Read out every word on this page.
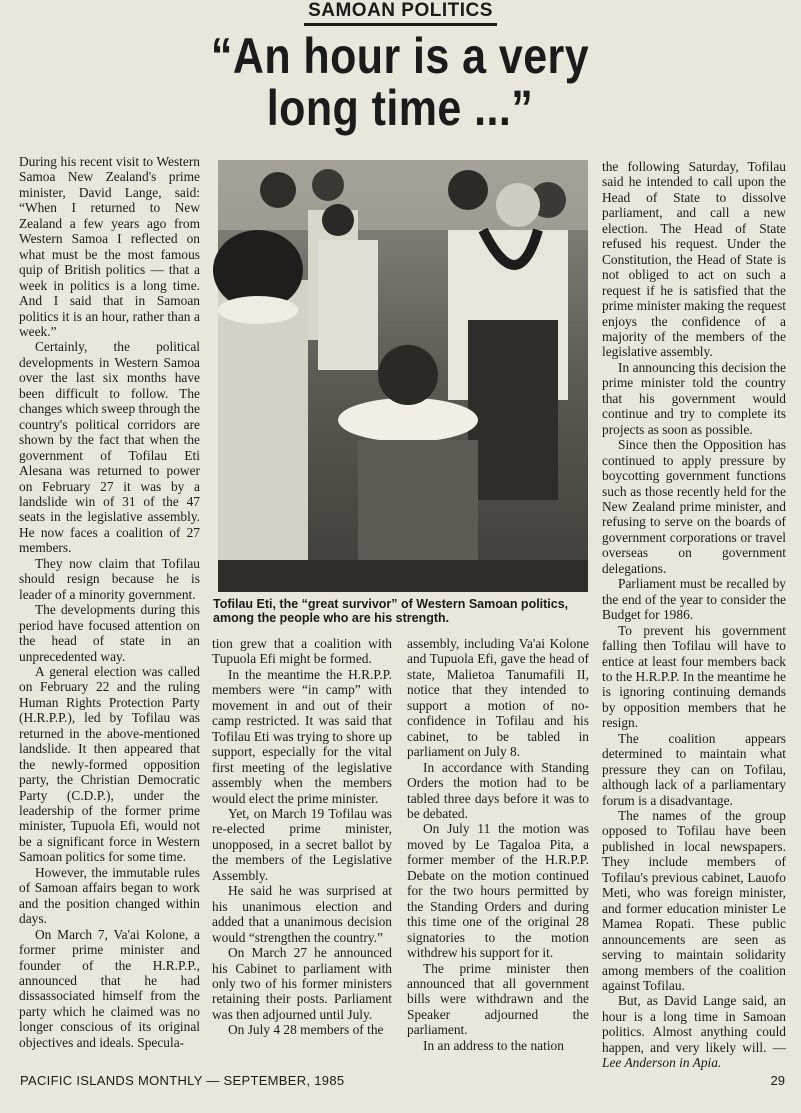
SAMOAN POLITICS
“An hour is a very
long time ...”

During his recent visit to Western Samoa New Zealand's prime minister, David Lange, said: “When I returned to New Zealand a few years ago from Western Samoa I reflected on what must be the most famous quip of British politics — that a week in politics is a long time. And I said that in Samoan politics it is an hour, rather than a week.”

Certainly, the political developments in Western Samoa over the last six months have been difficult to follow. The changes which sweep through the country's political corridors are shown by the fact that when the government of Tofilau Eti Alesana was returned to power on February 27 it was by a landslide win of 31 of the 47 seats in the legislative assembly. He now faces a coalition of 27 members.

They now claim that Tofilau should resign because he is leader of a minority government.

The developments during this period have focused attention on the head of state in an unprecedented way.

A general election was called on February 22 and the ruling Human Rights Protection Party (H.R.P.P.), led by Tofilau was returned in the above-mentioned landslide. It then appeared that the newly-formed opposition party, the Christian Democratic Party (C.D.P.), under the leadership of the former prime minister, Tupuola Efi, would not be a significant force in Western Samoan politics for some time.

However, the immutable rules of Samoan affairs began to work and the position changed within days.

On March 7, Va'ai Kolone, a former prime minister and founder of the H.R.P.P., announced that he had dissassociated himself from the party which he claimed was no longer conscious of its original objectives and ideals. Specula-

Tofilau Eti, the “great survivor” of Western Samoan politics, among the people who are his strength.

tion grew that a coalition with Tupuola Efi might be formed.

In the meantime the H.R.P.P. members were “in camp” with movement in and out of their camp restricted. It was said that Tofilau Eti was trying to shore up support, especially for the vital first meeting of the legislative assembly when the members would elect the prime minister.

Yet, on March 19 Tofilau was re-elected prime minister, unopposed, in a secret ballot by the members of the Legislative Assembly.

He said he was surprised at his unanimous election and added that a unanimous decision would “strengthen the country.”

On March 27 he announced his Cabinet to parliament with only two of his former ministers retaining their posts. Parliament was then adjourned until July.

On July 4 28 members of the

assembly, including Va'ai Kolone and Tupuola Efi, gave the head of state, Malietoa Tanumafili II, notice that they intended to support a motion of no-confidence in Tofilau and his cabinet, to be tabled in parliament on July 8.

In accordance with Standing Orders the motion had to be tabled three days before it was to be debated.

On July 11 the motion was moved by Le Tagaloa Pita, a former member of the H.R.P.P. Debate on the motion continued for the two hours permitted by the Standing Orders and during this time one of the original 28 signatories to the motion withdrew his support for it.

The prime minister then announced that all government bills were withdrawn and the Speaker adjourned the parliament.

In an address to the nation

the following Saturday, Tofilau said he intended to call upon the Head of State to dissolve parliament, and call a new election. The Head of State refused his request. Under the Constitution, the Head of State is not obliged to act on such a request if he is satisfied that the prime minister making the request enjoys the confidence of a majority of the members of the legislative assembly.

In announcing this decision the prime minister told the country that his government would continue and try to complete its projects as soon as possible.

Since then the Opposition has continued to apply pressure by boycotting government functions such as those recently held for the New Zealand prime minister, and refusing to serve on the boards of government corporations or travel overseas on government delegations.

Parliament must be recalled by the end of the year to consider the Budget for 1986.

To prevent his government falling then Tofilau will have to entice at least four members back to the H.R.P.P. In the meantime he is ignoring continuing demands by opposition members that he resign.

The coalition appears determined to maintain what pressure they can on Tofilau, although lack of a parliamentary forum is a disadvantage.

The names of the group opposed to Tofilau have been published in local newspapers. They include members of Tofilau's previous cabinet, Lauofo Meti, who was foreign minister, and former education minister Le Mamea Ropati. These public announcements are seen as serving to maintain solidarity among members of the coalition against Tofilau.

But, as David Lange said, an hour is a long time in Samoan politics. Almost anything could happen, and very likely will. — Lee Anderson in Apia.

PACIFIC ISLANDS MONTHLY — SEPTEMBER, 1985	29
